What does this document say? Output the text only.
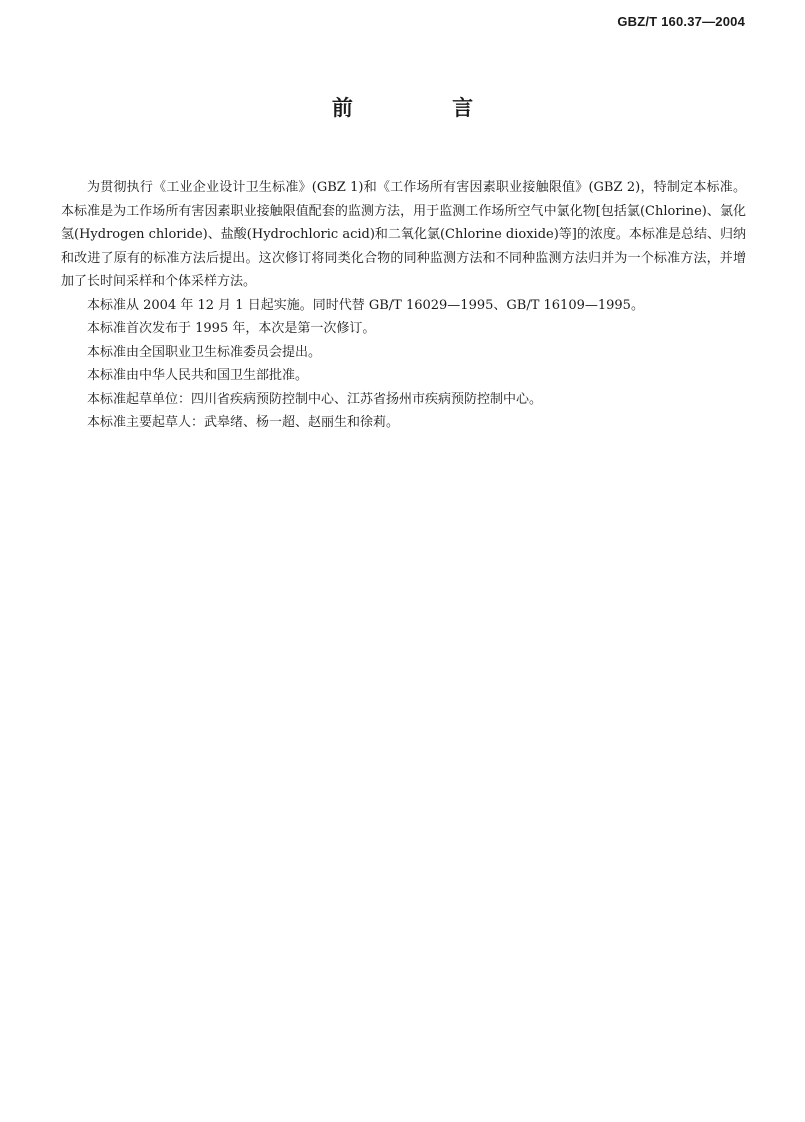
GBZ/T 160.37—2004
前 言

为贯彻执行《工业企业设计卫生标准》(GBZ 1)和《工作场所有害因素职业接触限值》(GBZ 2)，特制定本标准。本标准是为工作场所有害因素职业接触限值配套的监测方法，用于监测工作场所空气中氯化物[包括氯(Chlorine)、氯化氢(Hydrogen chloride)、盐酸(Hydrochloric acid)和二氧化氯(Chlorine dioxide)等]的浓度。本标准是总结、归纳和改进了原有的标准方法后提出。这次修订将同类化合物的同种监测方法和不同种监测方法归并为一个标准方法，并增加了长时间采样和个体采样方法。

本标准从 2004 年 12 月 1 日起实施。同时代替 GB/T 16029—1995、GB/T 16109—1995。

本标准首次发布于 1995 年，本次是第一次修订。

本标准由全国职业卫生标准委员会提出。

本标准由中华人民共和国卫生部批准。

本标准起草单位：四川省疾病预防控制中心、江苏省扬州市疾病预防控制中心。

本标准主要起草人：武皋绪、杨一超、赵丽生和徐莉。
